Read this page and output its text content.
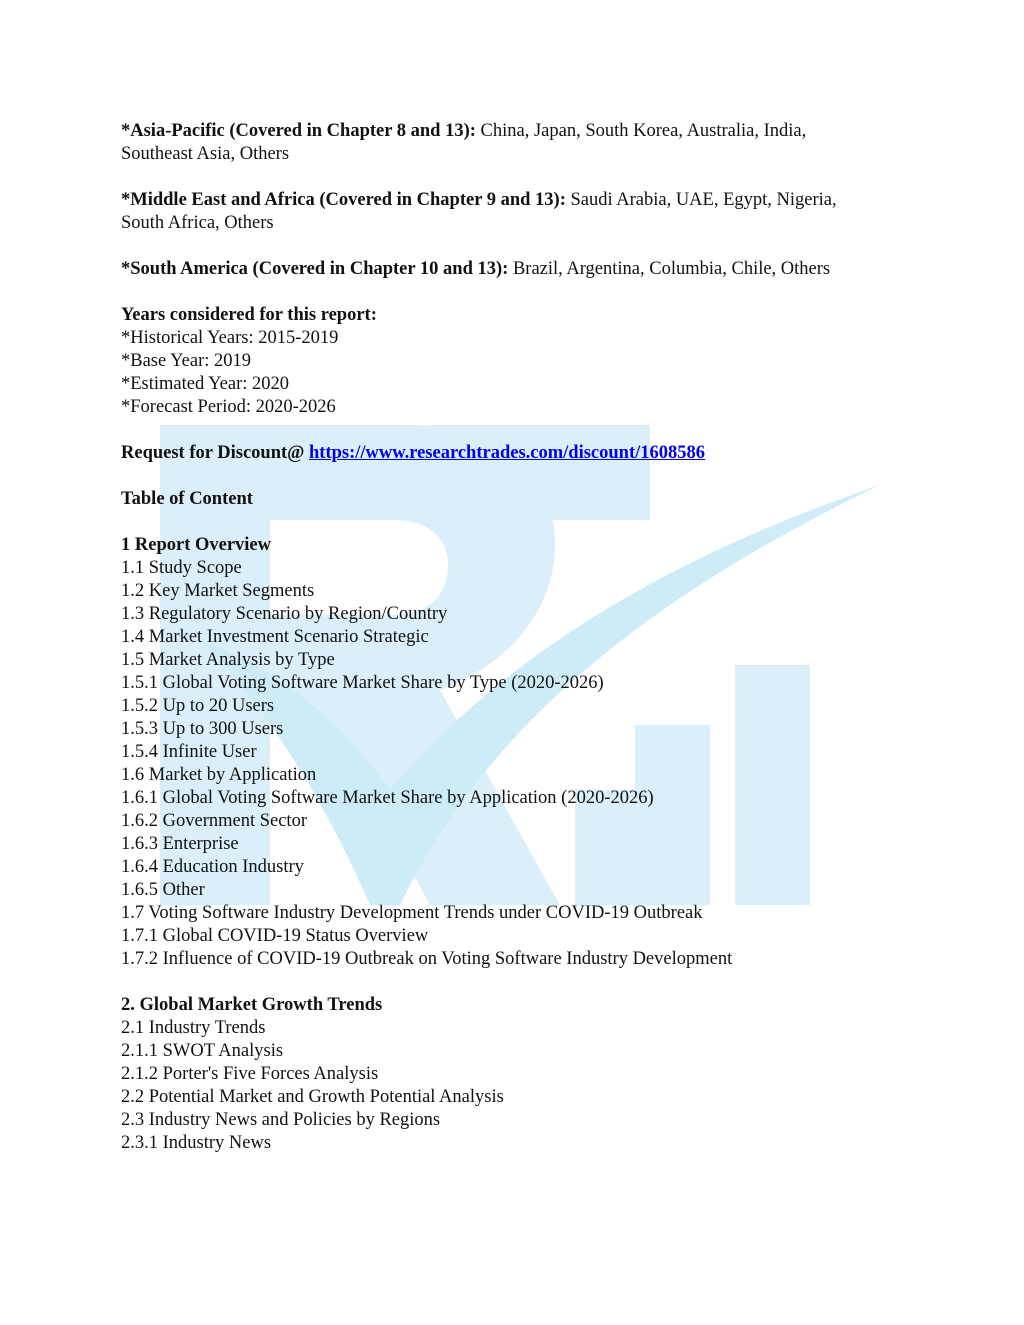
*Asia-Pacific (Covered in Chapter 8 and 13): China, Japan, South Korea, Australia, India,
Southeast Asia, Others
*Middle East and Africa (Covered in Chapter 9 and 13): Saudi Arabia, UAE, Egypt, Nigeria,
South Africa, Others
*South America (Covered in Chapter 10 and 13): Brazil, Argentina, Columbia, Chile, Others
Years considered for this report:
*Historical Years: 2015-2019
*Base Year: 2019
*Estimated Year: 2020
*Forecast Period: 2020-2026
Request for Discount@ https://www.researchtrades.com/discount/1608586
Table of Content
1 Report Overview
1.1 Study Scope
1.2 Key Market Segments
1.3 Regulatory Scenario by Region/Country
1.4 Market Investment Scenario Strategic
1.5 Market Analysis by Type
1.5.1 Global Voting Software Market Share by Type (2020-2026)
1.5.2 Up to 20 Users
1.5.3 Up to 300 Users
1.5.4 Infinite User
1.6 Market by Application
1.6.1 Global Voting Software Market Share by Application (2020-2026)
1.6.2 Government Sector
1.6.3 Enterprise
1.6.4 Education Industry
1.6.5 Other
1.7 Voting Software Industry Development Trends under COVID-19 Outbreak
1.7.1 Global COVID-19 Status Overview
1.7.2 Influence of COVID-19 Outbreak on Voting Software Industry Development
2. Global Market Growth Trends
2.1 Industry Trends
2.1.1 SWOT Analysis
2.1.2 Porter's Five Forces Analysis
2.2 Potential Market and Growth Potential Analysis
2.3 Industry News and Policies by Regions
2.3.1 Industry News
